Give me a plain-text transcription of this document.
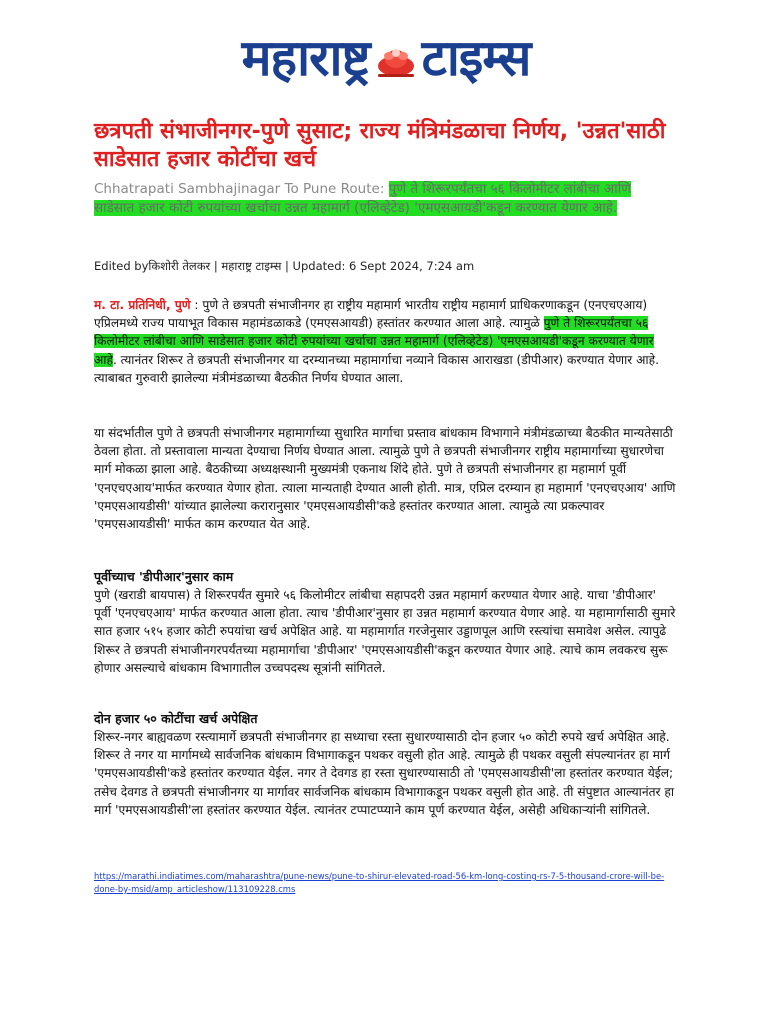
महाराष्ट्र टाइम्स
छत्रपती संभाजीनगर-पुणे सुसाट; राज्य मंत्रिमंडळाचा निर्णय, 'उन्नत'साठी साडेसात हजार कोटींचा खर्च
Chhatrapati Sambhajinagar To Pune Route: पुणे ते शिरूरपर्यंतचा ५६ किलोमीटर लांबीचा आणि साडेसात हजार कोटी रुपयांच्या खर्चाचा उन्नत महामार्ग (एलिव्हेटेड) 'एमएसआयडी'कडून करण्यात येणार आहे.
Edited byकिशोरी तेलकर | महाराष्ट्र टाइम्स | Updated: 6 Sept 2024, 7:24 am

म. टा. प्रतिनिधी, पुणे : पुणे ते छत्रपती संभाजीनगर हा राष्ट्रीय महामार्ग भारतीय राष्ट्रीय महामार्ग प्राधिकरणाकडून (एनएचएआय) एप्रिलमध्ये राज्य पायाभूत विकास महामंडळाकडे (एमएसआयडी) हस्तांतर करण्यात आला आहे. त्यामुळे पुणे ते शिरूरपर्यंतचा ५६ किलोमीटर लांबीचा आणि साडेसात हजार कोटी रुपयांच्या खर्चाचा उन्नत महामार्ग (एलिव्हेटेड) 'एमएसआयडी'कडून करण्यात येणार आहे. त्यानंतर शिरूर ते छत्रपती संभाजीनगर या दरम्यानच्या महामार्गाचा नव्याने विकास आराखडा (डीपीआर) करण्यात येणार आहे. त्याबाबत गुरुवारी झालेल्या मंत्रीमंडळाच्या बैठकीत निर्णय घेण्यात आला.

या संदर्भातील पुणे ते छत्रपती संभाजीनगर महामार्गाच्या सुधारित मार्गाचा प्रस्ताव बांधकाम विभागाने मंत्रीमंडळाच्या बैठकीत मान्यतेसाठी ठेवला होता. तो प्रस्तावाला मान्यता देण्याचा निर्णय घेण्यात आला. त्यामुळे पुणे ते छत्रपती संभाजीनगर राष्ट्रीय महामार्गाच्या सुधारणेचा मार्ग मोकळा झाला आहे. बैठकीच्या अध्यक्षस्थानी मुख्यमंत्री एकनाथ शिंदे होते. पुणे ते छत्रपती संभाजीनगर हा महामार्ग पूर्वी 'एनएचएआय'मार्फत करण्यात येणार होता. त्याला मान्यताही देण्यात आली होती. मात्र, एप्रिल दरम्यान हा महामार्ग 'एनएचएआय' आणि 'एमएसआयडीसी' यांच्यात झालेल्या करारानुसार 'एमएसआयडीसी'कडे हस्तांतर करण्यात आला. त्यामुळे त्या प्रकल्पावर 'एमएसआयडीसी' मार्फत काम करण्यात येत आहे.

पूर्वीच्याच 'डीपीआर'नुसार काम

पुणे (खराडी बायपास) ते शिरूरपर्यंत सुमारे ५६ किलोमीटर लांबीचा सहापदरी उन्नत महामार्ग करण्यात येणार आहे. याचा 'डीपीआर' पूर्वी 'एनएचएआय' मार्फत करण्यात आला होता. त्याच 'डीपीआर'नुसार हा उन्नत महामार्ग करण्यात येणार आहे. या महामार्गासाठी सुमारे सात हजार ५१५ हजार कोटी रुपयांचा खर्च अपेक्षित आहे. या महामार्गात गरजेनुसार उड्डाणपूल आणि रस्त्यांचा समावेश असेल. त्यापुढे शिरूर ते छत्रपती संभाजीनगरपर्यंतच्या महामार्गाचा 'डीपीआर' 'एमएसआयडीसी'कडून करण्यात येणार आहे. त्याचे काम लवकरच सुरू होणार असल्याचे बांधकाम विभागातील उच्चपदस्थ सूत्रांनी सांगितले.

दोन हजार ५० कोटींचा खर्च अपेक्षित

शिरूर-नगर बाह्यवळण रस्त्यामार्गे छत्रपती संभाजीनगर हा सध्याचा रस्ता सुधारण्यासाठी दोन हजार ५० कोटी रुपये खर्च अपेक्षित आहे. शिरूर ते नगर या मार्गामध्ये सार्वजनिक बांधकाम विभागाकडून पथकर वसुली होत आहे. त्यामुळे ही पथकर वसुली संपल्यानंतर हा मार्ग 'एमएसआयडीसी'कडे हस्तांतर करण्यात येईल. नगर ते देवगड हा रस्ता सुधारण्यासाठी तो 'एमएसआयडीसी'ला हस्तांतर करण्यात येईल; तसेच देवगड ते छत्रपती संभाजीनगर या मार्गावर सार्वजनिक बांधकाम विभागाकडून पथकर वसुली होत आहे. ती संपुष्टात आल्यानंतर हा मार्ग 'एमएसआयडीसी'ला हस्तांतर करण्यात येईल. त्यानंतर टप्पाटप्प्याने काम पूर्ण करण्यात येईल, असेही अधिकाऱ्यांनी सांगितले.

https://marathi.indiatimes.com/maharashtra/pune-news/pune-to-shirur-elevated-road-56-km-long-costing-rs-7-5-thousand-crore-will-be-done-by-msid/amp_articleshow/113109228.cms
